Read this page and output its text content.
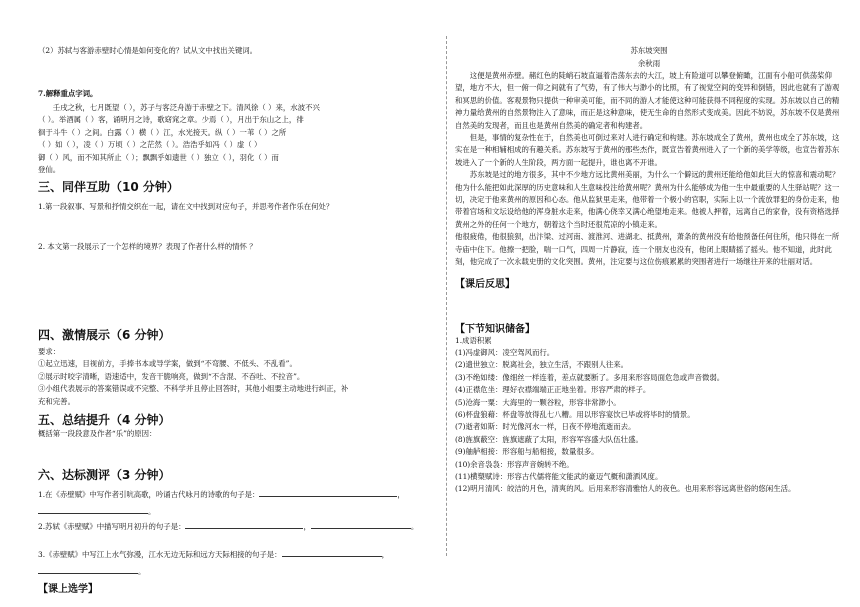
（2）苏轼与客游赤壁时心情是如何变化的？试从文中找出关键词。

7.解释重点字词。

壬戌之秋，七月既望（ ），苏子与客泛舟游于赤壁之下。清风徐（ ）来，水波不兴

（ ）。举酒属（ ）客，诵明月之诗，歌窈窕之章。少焉（ ），月出于东山之上，徘

徊于斗牛（ ）之间。白露（ ）横（ ）江，水光接天。纵（ ）一苇（ ）之所

（ ）如（ ），凌（ ）万顷（ ）之茫然（ ）。浩浩乎如冯（ ）虚（ ）

御（ ）风，而不知其所止（ ）；飘飘乎如遗世（ ）独立（ ），羽化（ ）而

登仙。

三、同伴互助（10 分钟）

1.第一段叙事、写景和抒情交织在一起，请在文中找到对应句子，并思考作者作乐在何处？

2. 本文第一段展示了一个怎样的境界？表现了作者什么样的情怀 ？

四、激情展示（6 分钟）

要求：

①起立迅速，目视前方，手捧书本或导学案，做到“不弯腰、不低头、不乱看”。

②展示时咬字清晰，语速适中，发音干脆响亮，做到“不含混、不吞吐、不拉音”。

③小组代表展示的答案错误或不完整、不科学并且停止回答时，其他小组要主动地进行纠正，补

充和完善。

五、总结提升（4 分钟）

概括第一段段意及作者“乐”的原因：

六、达标测评（3 分钟）

1.在《赤壁赋》中写作者引吭高歌，吟诵古代咏月的诗歌的句子是：	，

。

2.苏轼《赤壁赋》中描写明月初升的句子是：	，	。

3.《赤壁赋》中写江上水气弥漫，江水无边无际和远方天际相接的句子是：	，

。

【课上选学】

苏东坡突围

余秋雨

这便是黄州赤壁。赭红色的陡峭石坡直逼着浩荡东去的大江，坡上有险道可以攀登俯瞰，江面有小船可供荡桨仰望，地方不大，但一俯一仰之间就有了气势，有了伟大与渺小的比照，有了视觉空间的变异和倒错，因此也就有了游观和冥思的价值。客观景物只提供一种审美可能，而不同的游人才能使这种可能获得不同程度的实现。苏东坡以自己的精神力量给黄州的自然景物注入了意味，而正是这种意味，使无生命的自然形式变成美。因此不妨说，苏东坡不仅是黄州自然美的发现者，而且也是黄州自然美的确定者和构建者。

但是，事情的复杂性在于，自然美也可倒过来对人进行确定和构建。苏东坡成全了黄州，黄州也成全了苏东坡，这实在是一种相辅相成的有趣关系。苏东坡写于黄州的那些杰作，既宣告着黄州进入了一个新的美学等级，也宣告着苏东坡进入了一个新的人生阶段，两方面一起提升，谁也离不开谁。

苏东坡是过的地方很多，其中不少地方远比黄州美丽，为什么一个僻远的黄州还能给他如此巨大的惊喜和震动呢？他为什么能把如此深厚的历史意味和人生意味投注给黄州呢？黄州为什么能够成为他一生中最重要的人生驿站呢？这一切，决定于他来黄州的原因和心态。他从监狱里走来，他带着一个极小的官职，实际上以一个流放罪犯的身份走来，他带着官场和文坛设给他的浑身脏水走来，他满心侥幸又满心绝望地走来。他被人押着，远离自己的家眷，没有资格选择黄州之外的任何一个地方，朝着这个当时还很荒凉的小镇走来。

他很疲倦，他很狼狈，出汴梁、过河南、渡淮河、进湖北、抵黄州，萧条的黄州没有给他预备任何住所，他只得在一所寺庙中住下。他擦一把脸，喘一口气，四周一片静寂，连一个朋友也没有，他闭上眼睛摇了摇头。他不知道，此时此刻，他完成了一次永载史册的文化突围。黄州，注定要与这位伤痕累累的突围者进行一场继往开来的壮丽对话。

【课后反思】

【下节知识储备】

1.成语积累

(1)冯虚御风：凌空驾风而行。

(2)遗世独立：脱离社会，独立生活，不跟别人往来。

(3)不绝如缕：像细丝一样连着，差点就要断了。多用来形容局面危急或声音微弱。

(4)正襟危坐：理好衣襟端端正正地坐着。形容严肃的样子。

(5)沧海一粟：大海里的一颗谷粒，形容非常渺小。

(6)杯盘狼藉：杯盘等放得乱七八糟。用以形容宴饮已毕或将毕时的情景。

(7)逝者如斯：时光像河水一样，日夜不停地流逝而去。

(8)旌旗蔽空：旌旗遮蔽了太阳，形容军容盛大队伍壮盛。

(9)舳舻相接：形容船与船相接，数量很多。

(10)余音袅袅：形容声音婉转不绝。

(11)横槊赋诗：形容古代儒将能文能武的豪迈气概和潇洒风度。

(12)明月清风：皎洁的月色，清爽的风。后用来形容清雅怡人的夜色。也用来形容远离世俗的悠闲生活。
